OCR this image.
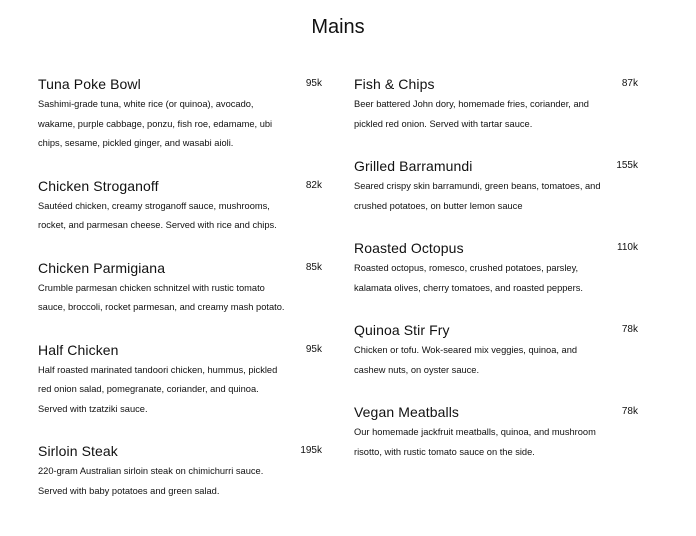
Mains
Tuna Poke Bowl	95k
Sashimi-grade tuna, white rice (or quinoa), avocado,
wakame, purple cabbage, ponzu, fish roe, edamame, ubi
chips, sesame, pickled ginger, and wasabi aioli.
Chicken Stroganoff	82k
Sautéed chicken, creamy stroganoff sauce, mushrooms,
rocket, and parmesan cheese. Served with rice and chips.
Chicken Parmigiana	85k
Crumble parmesan chicken schnitzel with rustic tomato
sauce, broccoli, rocket parmesan, and creamy mash potato.
Half Chicken	95k
Half roasted marinated tandoori chicken, hummus, pickled
red onion salad, pomegranate, coriander, and quinoa.
Served with tzatziki sauce.
Sirloin Steak	195k
220-gram Australian sirloin steak on chimichurri sauce.
Served with baby potatoes and green salad.
Fish & Chips	87k
Beer battered John dory, homemade fries, coriander, and
pickled red onion. Served with tartar sauce.
Grilled Barramundi	155k
Seared crispy skin barramundi, green beans, tomatoes, and
crushed potatoes, on butter lemon sauce
Roasted Octopus	110k
Roasted octopus, romesco, crushed potatoes, parsley,
kalamata olives, cherry tomatoes, and roasted peppers.
Quinoa Stir Fry	78k
Chicken or tofu. Wok-seared mix veggies, quinoa, and
cashew nuts, on oyster sauce.
Vegan Meatballs	78k
Our homemade jackfruit meatballs, quinoa, and mushroom
risotto, with rustic tomato sauce on the side.
